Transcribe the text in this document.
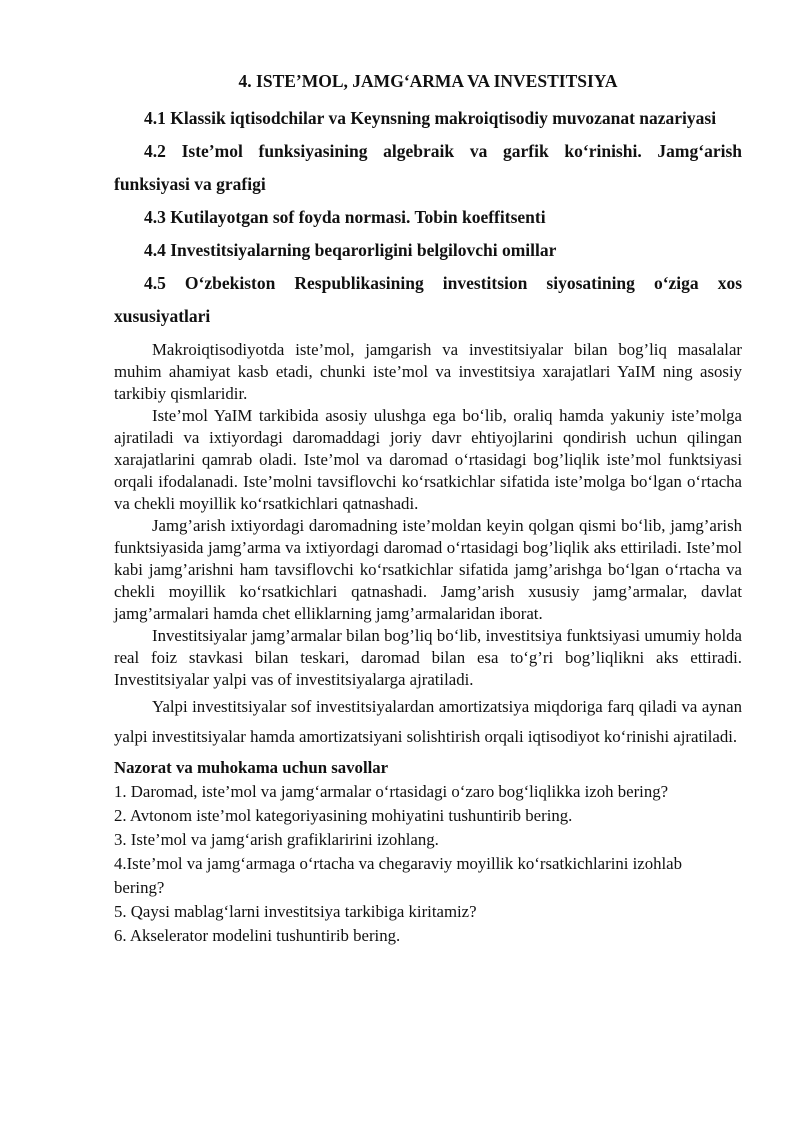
4. ISTE’MOL, JAMGʻARMA VA INVESTITSIYA

4.1 Klassik iqtisodchilar va Keynsning makroiqtisodiy muvozanat nazariyasi

4.2 Iste’mol funksiyasining algebraik va garfik koʻrinishi. Jamgʻarish funksiyasi va grafigi

4.3 Kutilayotgan sof foyda normasi. Tobin koeffitsenti

4.4 Investitsiyalarning beqarorligini belgilovchi omillar

4.5 Oʻzbekiston Respublikasining investitsion siyosatining oʻziga xos xususiyatlari

Makroiqtisodiyotda iste’mol, jamgarish va investitsiyalar bilan bog’liq masalalar muhim ahamiyat kasb etadi, chunki iste’mol va investitsiya xarajatlari YaIM ning asosiy tarkibiy qismlaridir.

Iste’mol YaIM tarkibida asosiy ulushga ega bo‘lib, oraliq hamda yakuniy iste’molga ajratiladi va ixtiyordagi daromaddagi joriy davr ehtiyojlarini qondirish uchun qilingan xarajatlarini qamrab oladi. Iste’mol va daromad o‘rtasidagi bog’liqlik iste’mol funktsiyasi orqali ifodalanadi. Iste’molni tavsiflovchi ko‘rsatkichlar sifatida iste’molga bo‘lgan o‘rtacha va chekli moyillik ko‘rsatkichlari qatnashadi.

Jamg’arish ixtiyordagi daromadning iste’moldan keyin qolgan qismi bo‘lib, jamg’arish funktsiyasida jamg’arma va ixtiyordagi daromad o‘rtasidagi bog’liqlik aks ettiriladi. Iste’mol kabi jamg’arishni ham tavsiflovchi ko‘rsatkichlar sifatida jamg’arishga bo‘lgan o‘rtacha va chekli moyillik ko‘rsatkichlari qatnashadi. Jamg’arish xususiy jamg’armalar, davlat jamg’armalari hamda chet elliklarning jamg’armalaridan iborat.

Investitsiyalar jamg’armalar bilan bog’liq bo‘lib, investitsiya funktsiyasi umumiy holda real foiz stavkasi bilan teskari, daromad bilan esa to‘g’ri bog’liqlikni aks ettiradi. Investitsiyalar yalpi vas of investitsiyalarga ajratiladi.

Yalpi investitsiyalar sof investitsiyalardan amortizatsiya miqdoriga farq qiladi va aynan yalpi investitsiyalar hamda amortizatsiyani solishtirish orqali iqtisodiyot koʻrinishi ajratiladi.

Nazorat va muhokama uchun savollar

1. Daromad, iste’mol va jamgʻarmalar oʻrtasidagi oʻzaro bogʻliqlikka izoh bering?
2. Avtonom iste’mol kategoriyasining mohiyatini tushuntirib bering.
3. Iste’mol va jamgʻarish grafiklaririni izohlang.
4.Iste’mol va jamgʻarmaga oʻrtacha va chegaraviy moyillik koʻrsatkichlarini izohlab bering?
5. Qaysi mablagʻlarni investitsiya tarkibiga kiritamiz?
6. Akselerator modelini tushuntirib bering.
